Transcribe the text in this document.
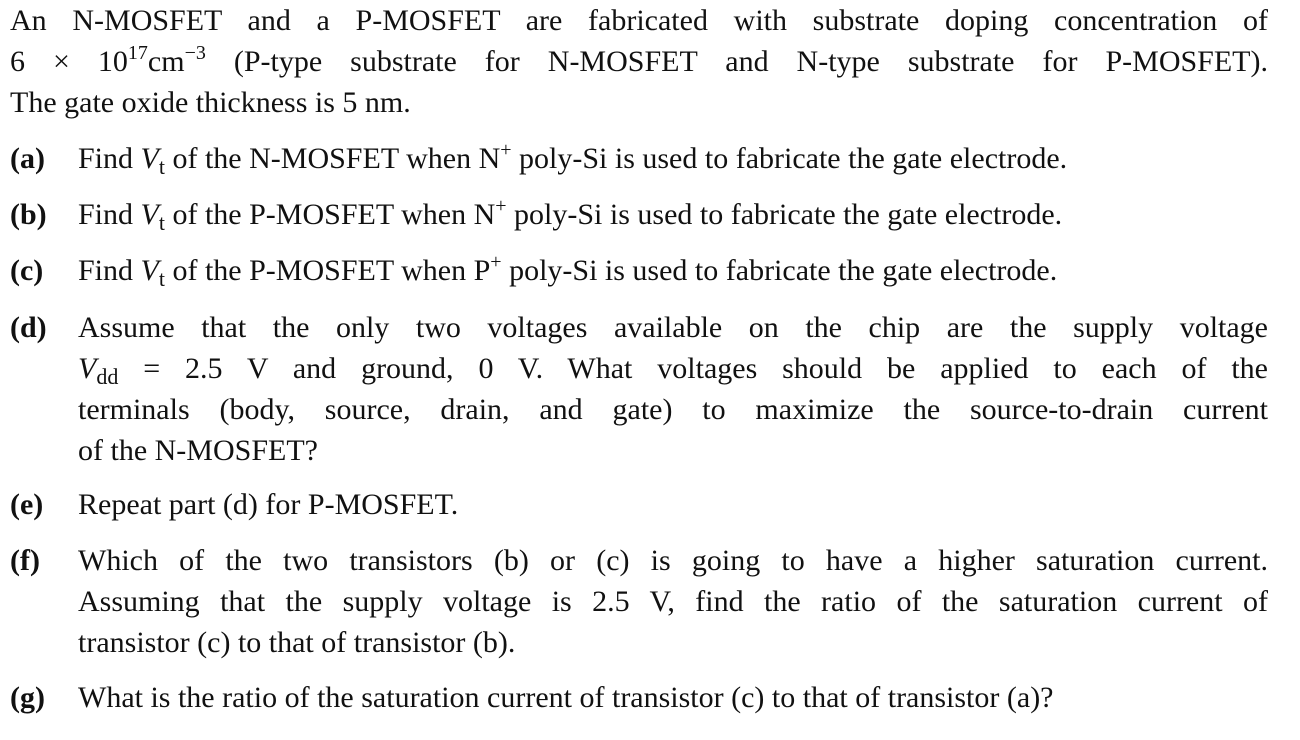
An N-MOSFET and a P-MOSFET are fabricated with substrate doping concentration of
$6 \times 10^{17}cm^{-3}$ (P-type substrate for N-MOSFET and N-type substrate for P-MOSFET).
The gate oxide thickness is 5 nm.
(a)	Find $V_t$ of the N-MOSFET when N+ poly-Si is used to fabricate the gate electrode.
(b)	Find $V_t$ of the P-MOSFET when N+ poly-Si is used to fabricate the gate electrode.
(c)	Find $V_t$ of the P-MOSFET when P+ poly-Si is used to fabricate the gate electrode.
(d)	Assume that the only two voltages available on the chip are the supply voltage
$V_{dd} = 2.5$ V and ground, 0 V. What voltages should be applied to each of the
terminals (body, source, drain, and gate) to maximize the source-to-drain current
of the N-MOSFET?
(e)	Repeat part (d) for P-MOSFET.
(f)	Which of the two transistors (b) or (c) is going to have a higher saturation current.
Assuming that the supply voltage is 2.5 V, find the ratio of the saturation current of
transistor (c) to that of transistor (b).
(g)	What is the ratio of the saturation current of transistor (c) to that of transistor (a)?
